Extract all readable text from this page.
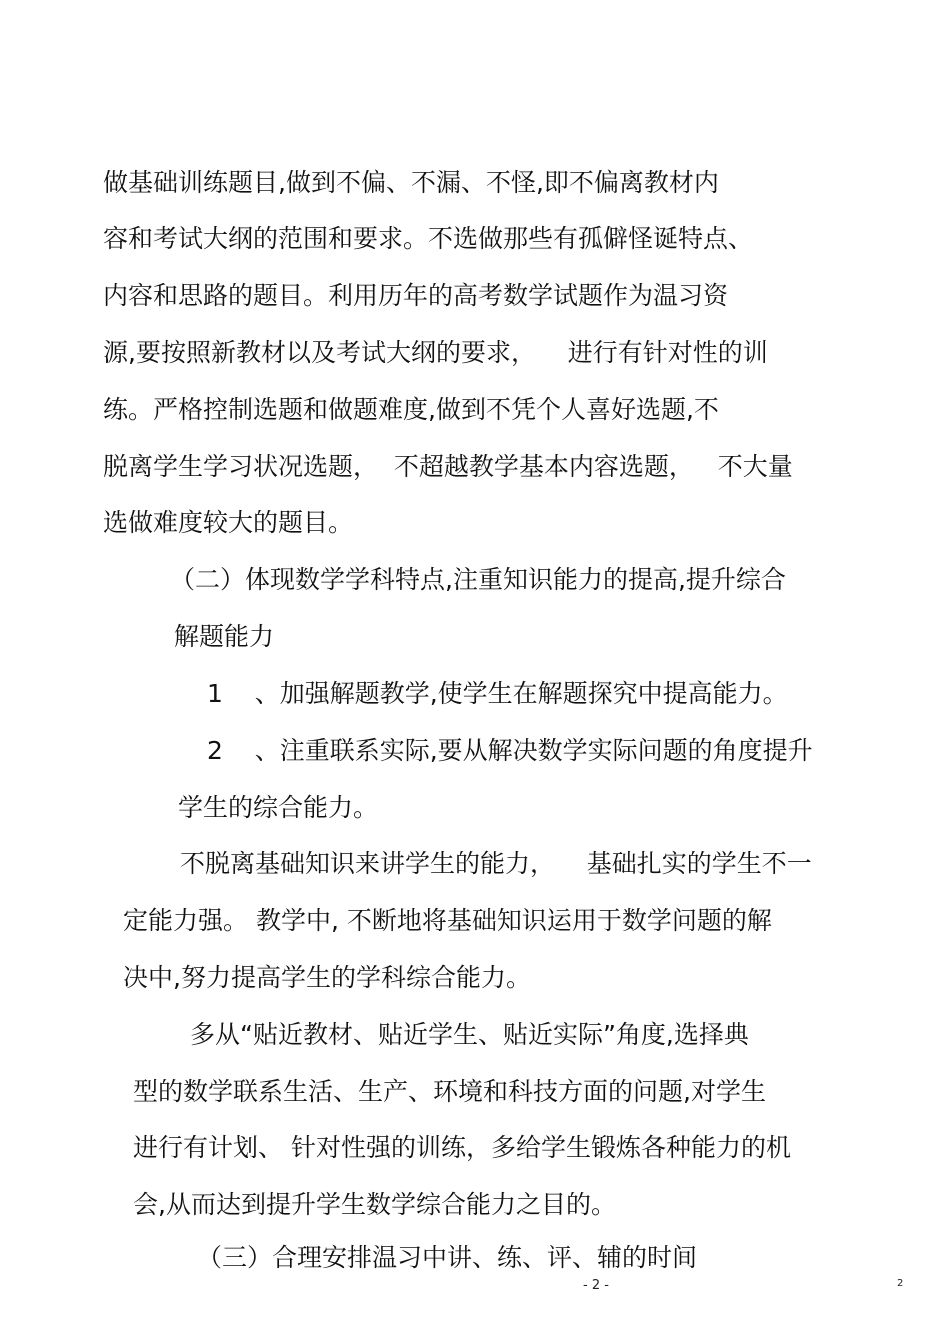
做基础训练题目,做到不偏、不漏、不怪,即不偏离教材内
容和考试大纲的范围和要求。不选做那些有孤僻怪诞特点、
内容和思路的题目。利用历年的高考数学试题作为温习资
源,要按照新教材以及考试大纲的要求，    进行有针对性的训
练。严格控制选题和做题难度,做到不凭个人喜好选题,不
脱离学生学习状况选题，  不超越教学基本内容选题，   不大量
选做难度较大的题目。
（二）体现数学学科特点,注重知识能力的提高,提升综合
解题能力
1    、加强解题教学,使学生在解题探究中提高能力。
2    、注重联系实际,要从解决数学实际问题的角度提升
学生的综合能力。
不脱离基础知识来讲学生的能力，    基础扎实的学生不一
定能力强。 教学中, 不断地将基础知识运用于数学问题的解
决中,努力提高学生的学科综合能力。
多从“贴近教材、贴近学生、贴近实际”角度,选择典
型的数学联系生活、生产、环境和科技方面的问题,对学生
进行有计划、 针对性强的训练，多给学生锻炼各种能力的机
会,从而达到提升学生数学综合能力之目的。
（三）合理安排温习中讲、练、评、辅的时间
- 2 -	2
